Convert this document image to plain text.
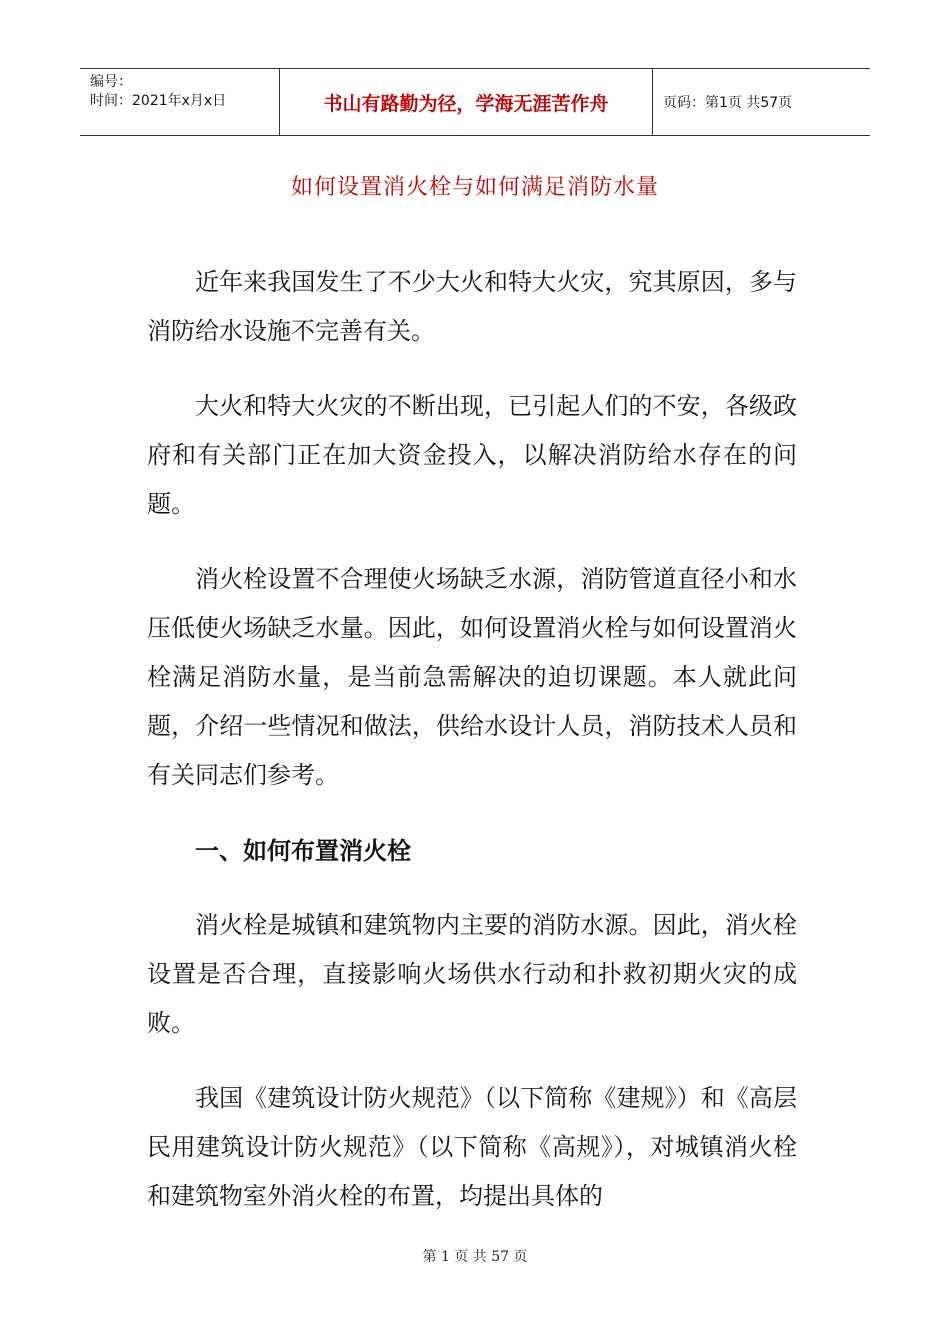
编号：
时间：2021年x月x日	书山有路勤为径，学海无涯苦作舟	页码：第1页 共57页
如何设置消火栓与如何满足消防水量

近年来我国发生了不少大火和特大火灾，究其原因，多与消防给水设施不完善有关。

大火和特大火灾的不断出现，已引起人们的不安，各级政府和有关部门正在加大资金投入，以解决消防给水存在的问题。

消火栓设置不合理使火场缺乏水源，消防管道直径小和水压低使火场缺乏水量。因此，如何设置消火栓与如何设置消火栓满足消防水量，是当前急需解决的迫切课题。本人就此问题，介绍一些情况和做法，供给水设计人员，消防技术人员和有关同志们参考。

一、如何布置消火栓

消火栓是城镇和建筑物内主要的消防水源。因此，消火栓设置是否合理，直接影响火场供水行动和扑救初期火灾的成败。

我国《建筑设计防火规范》（以下简称《建规》）和《高层民用建筑设计防火规范》（以下简称《高规》），对城镇消火栓和建筑物室外消火栓的布置，均提出具体的

第 1 页 共 57 页
